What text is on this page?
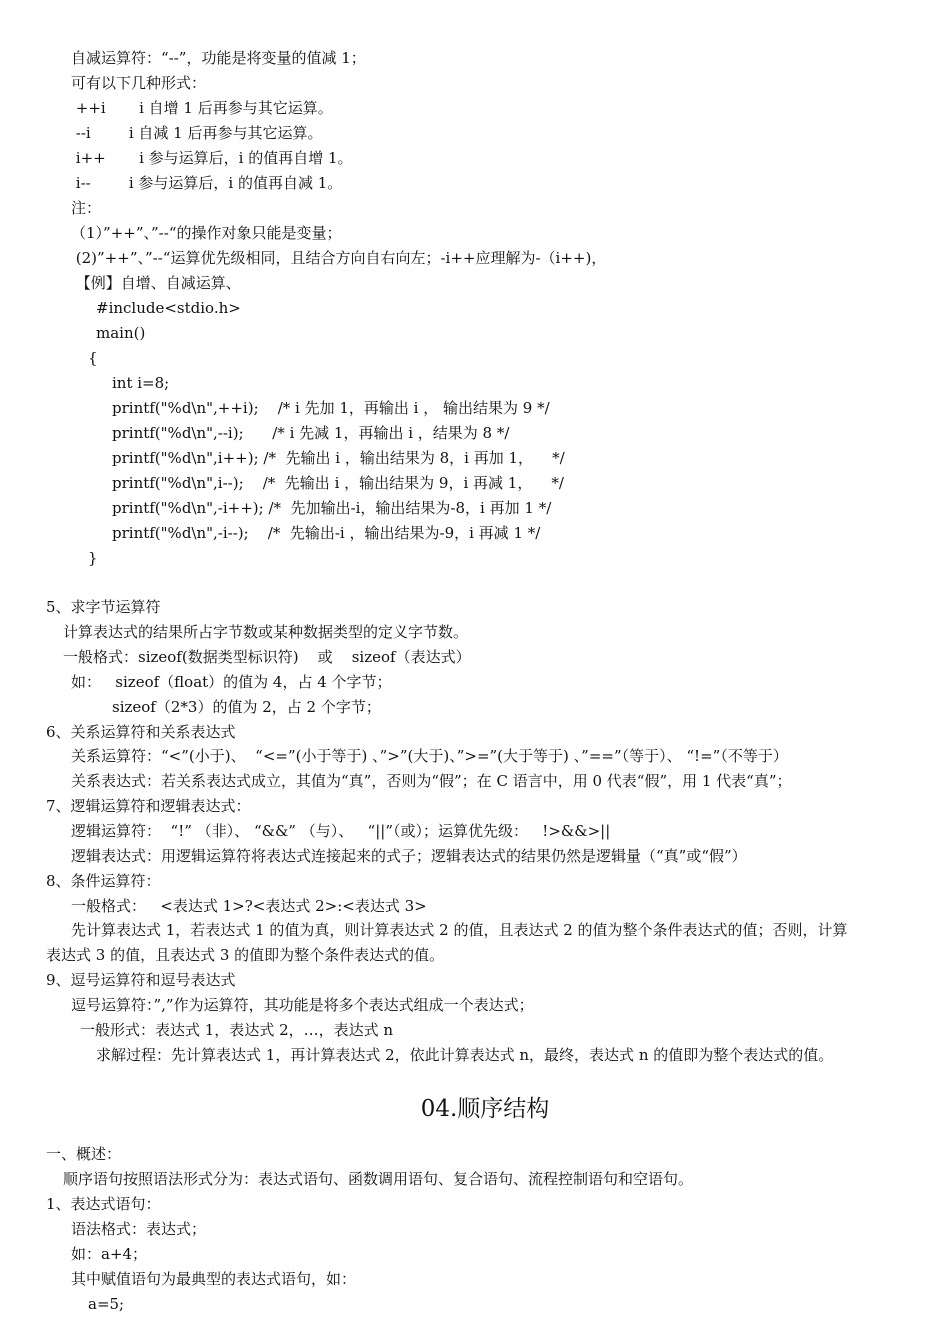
自减运算符：“--”，功能是将变量的值减 1；
可有以下几种形式：
++i       i 自增 1 后再参与其它运算。
--i        i 自减 1 后再参与其它运算。
i++       i 参与运算后，i 的值再自增 1。
i--        i 参与运算后，i 的值再自减 1。
注：
（1）”++”、”--“的操作对象只能是变量；
(2)”++”、”--“运算优先级相同，且结合方向自右向左；-i++应理解为-（i++)，
【例】自增、自减运算、
#include<stdio.h>
main()
{
int i=8;
printf("%d\n",++i);    /* i 先加 1，再输出 i ， 输出结果为 9 */
printf("%d\n",--i);      /* i 先减 1，再输出 i ，结果为 8 */
printf("%d\n",i++); /*  先输出 i ，输出结果为 8，i 再加 1，    */
printf("%d\n",i--);    /*  先输出 i ，输出结果为 9，i 再减 1，    */
printf("%d\n",-i++); /*  先加输出-i，输出结果为-8，i 再加 1 */
printf("%d\n",-i--);    /*  先输出-i ，输出结果为-9，i 再减 1 */
}
5、求字节运算符
计算表达式的结果所占字节数或某种数据类型的定义字节数。
一般格式：sizeof(数据类型标识符)    或    sizeof（表达式）
如：   sizeof（float）的值为 4，占 4 个字节；
sizeof（2*3）的值为 2，占 2 个字节；
6、关系运算符和关系表达式
关系运算符：“<”(小于)、  “<=”(小于等于) 、”>”(大于)、”>=”(大于等于) 、”==”（等于）、 “!=”（不等于）
关系表达式：若关系表达式成立，其值为“真”，否则为“假”；在 C 语言中，用 0 代表“假”，用 1 代表“真”；
7、逻辑运算符和逻辑表达式：
逻辑运算符：  “!” （非）、 “&&” （与）、   “||”（或）；运算优先级：   !>&&>||
逻辑表达式：用逻辑运算符将表达式连接起来的式子；逻辑表达式的结果仍然是逻辑量（“真”或“假”）
8、条件运算符：
一般格式：   <表达式 1>?<表达式 2>:<表达式 3>
先计算表达式 1，若表达式 1 的值为真，则计算表达式 2 的值，且表达式 2 的值为整个条件表达式的值；否则，计算
表达式 3 的值，且表达式 3 的值即为整个条件表达式的值。
9、逗号运算符和逗号表达式
逗号运算符：”,”作为运算符，其功能是将多个表达式组成一个表达式；
一般形式：表达式 1，表达式 2，…，表达式 n
求解过程：先计算表达式 1，再计算表达式 2，依此计算表达式 n，最终，表达式 n 的值即为整个表达式的值。
04.顺序结构
一、概述：
顺序语句按照语法形式分为：表达式语句、函数调用语句、复合语句、流程控制语句和空语句。
1、表达式语句：
语法格式：表达式；
如：a+4；
其中赋值语句为最典型的表达式语句，如：
a=5;
